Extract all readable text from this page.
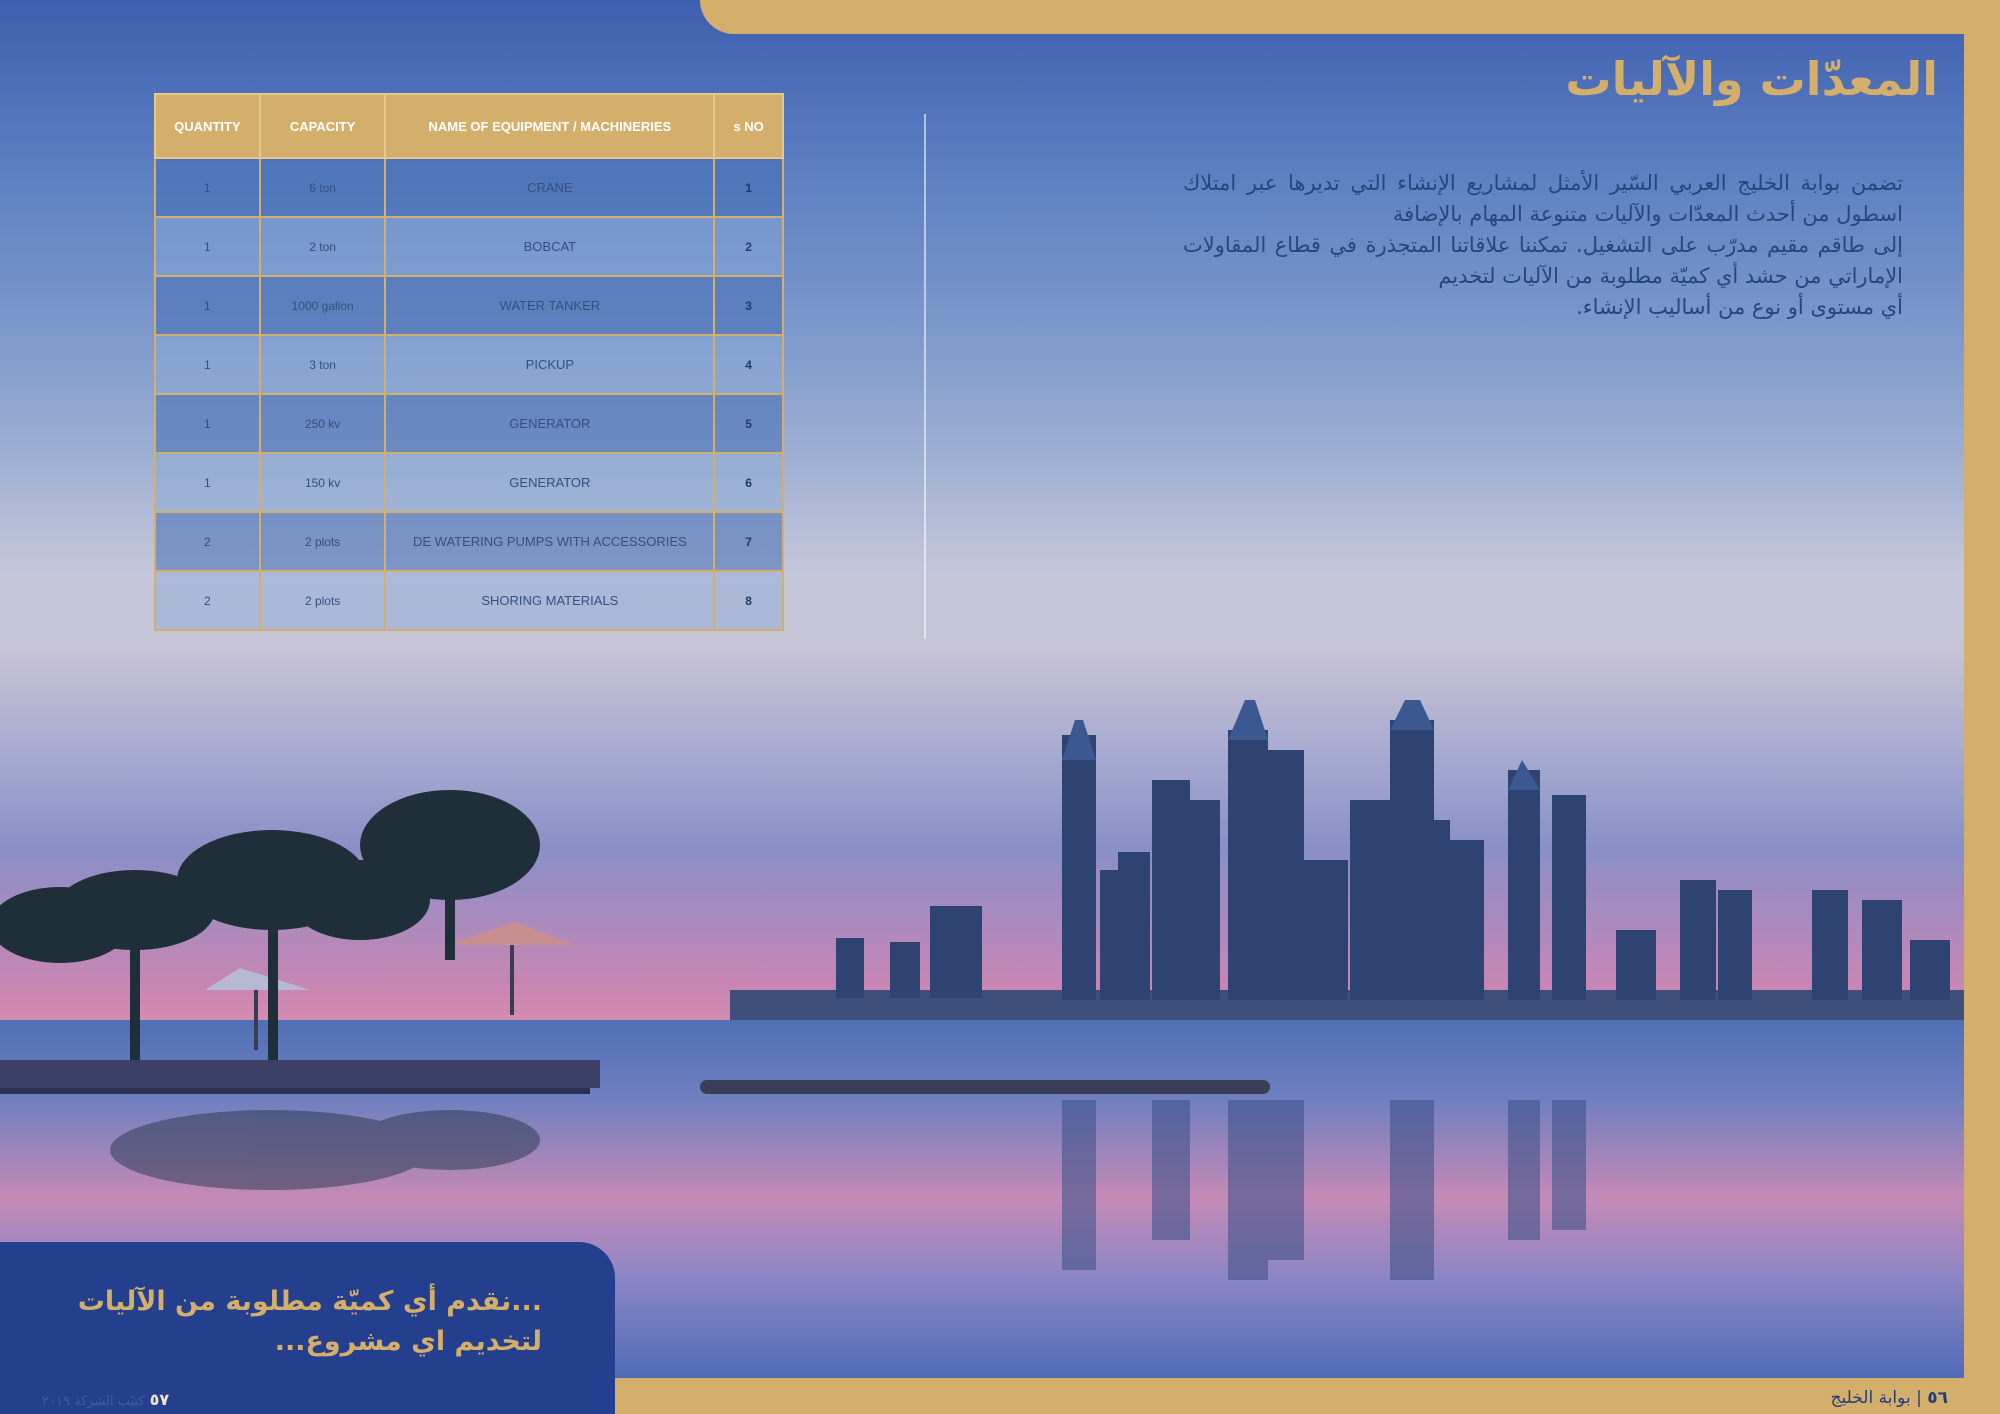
المعدّات والآليات

تضمن بوابة الخليج العربي السّير الأمثل لمشاريع الإنشاء التي تديرها عبر امتلاك اسطول من أحدث المعدّات والآليات متنوعة المهام بالإضافة

إلى طاقم مقيم مدرّب على التشغيل. تمكننا علاقاتنا المتجذرة في قطاع المقاولات الإماراتي من حشد أي كميّة مطلوبة من الآليات لتخديم

أي مستوى أو نوع من أساليب الإنشاء.

QUANTITY	CAPACITY	NAME OF EQUIPMENT / MACHINERIES	s NO
1	6 ton	CRANE	1
1	2 ton	BOBCAT	2
1	1000 gallon	WATER TANKER	3
1	3 ton	PICKUP	4
1	250 kv	GENERATOR	5
1	150 kv	GENERATOR	6
2	2 plots	DE WATERING PUMPS WITH ACCESSORIES	7
2	2 plots	SHORING MATERIALS	8
...نقدم أي كميّة مطلوبة من الآليات
لتخديم اي مشروع...
٥٧ كتيّب الشركة ٢٠١٩	٥٦ | بوابة الخليج
